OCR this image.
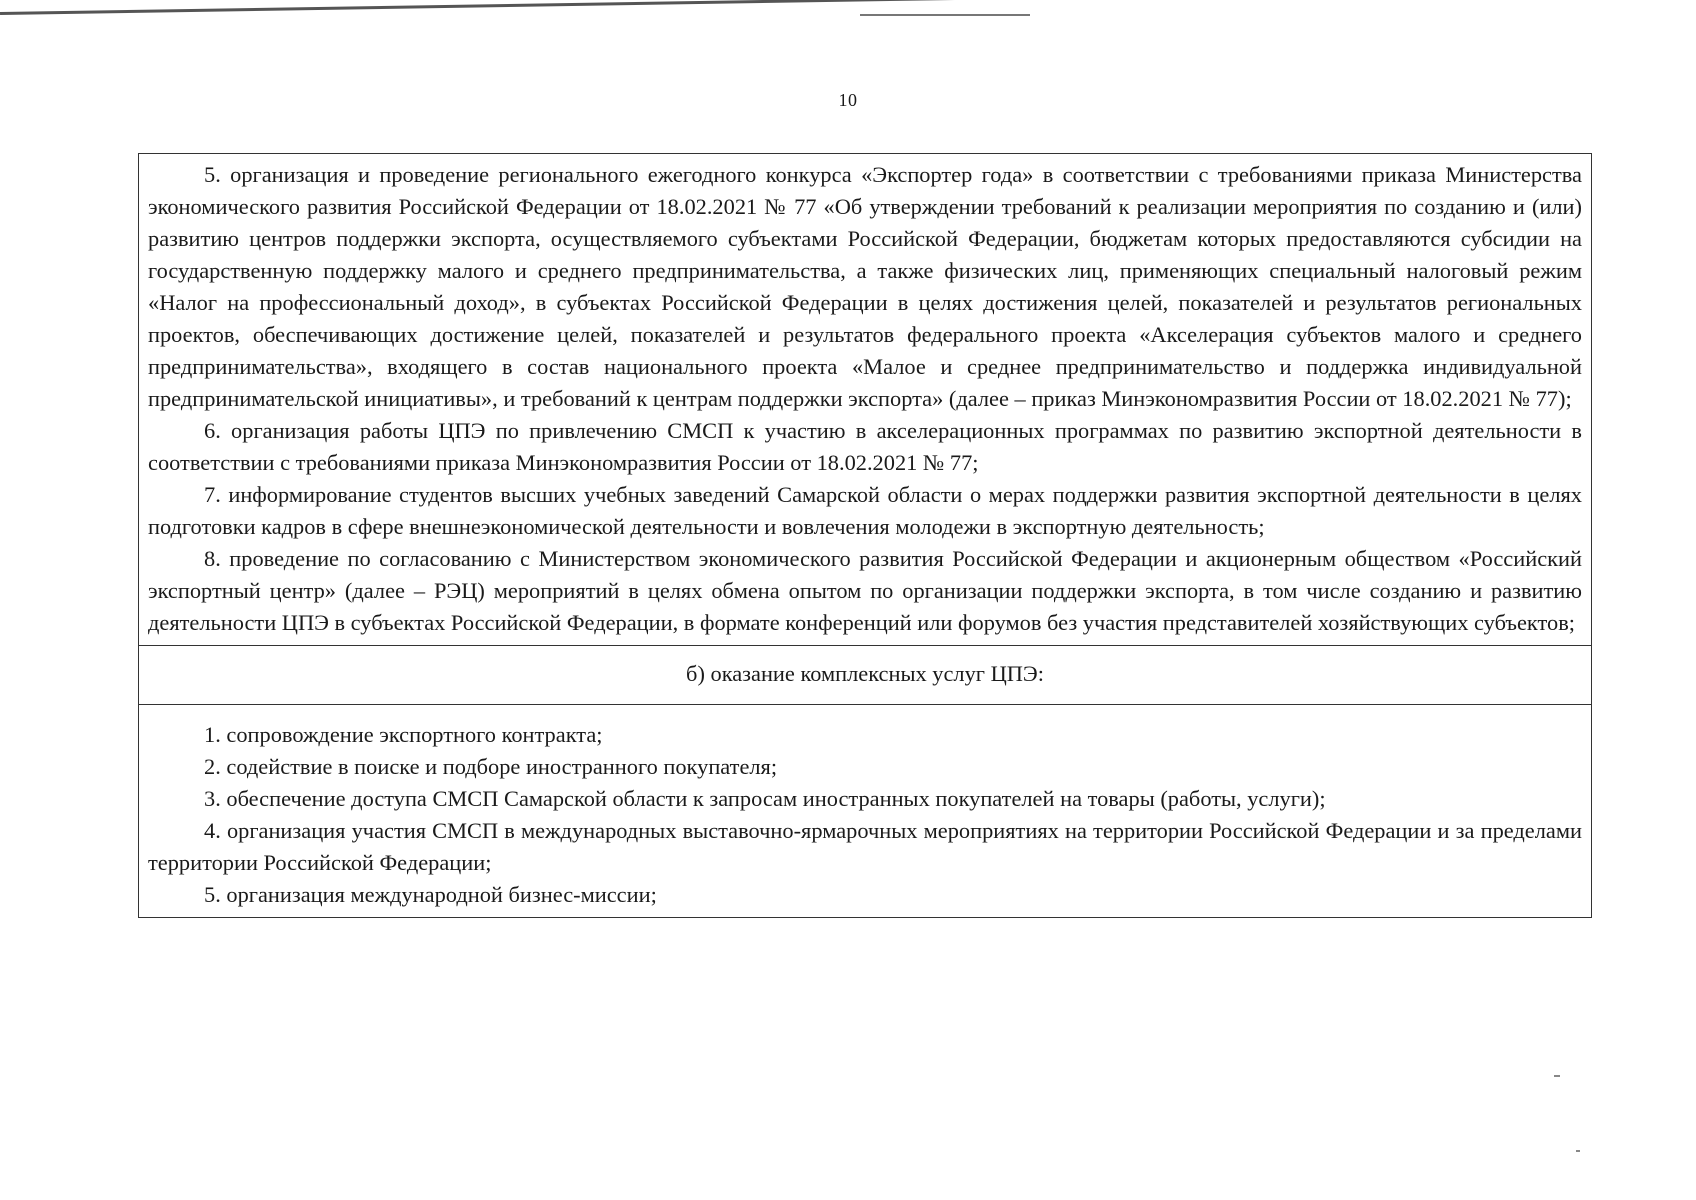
10

5. организация и проведение регионального ежегодного конкурса «Экспортер года» в соответствии с требованиями приказа Министерства экономического развития Российской Федерации от 18.02.2021 № 77 «Об утверждении требований к реализации мероприятия по созданию и (или) развитию центров поддержки экспорта, осуществляемого субъектами Российской Федерации, бюджетам которых предоставляются субсидии на государственную поддержку малого и среднего предпринимательства, а также физических лиц, применяющих специальный налоговый режим «Налог на профессиональный доход», в субъектах Российской Федерации в целях достижения целей, показателей и результатов региональных проектов, обеспечивающих достижение целей, показателей и результатов федерального проекта «Акселерация субъектов малого и среднего предпринимательства», входящего в состав национального проекта «Малое и среднее предпринимательство и поддержка индивидуальной предпринимательской инициативы», и требований к центрам поддержки экспорта» (далее – приказ Минэкономразвития России от 18.02.2021 № 77);

6. организация работы ЦПЭ по привлечению СМСП к участию в акселерационных программах по развитию экспортной деятельности в соответствии с требованиями приказа Минэкономразвития России от 18.02.2021 № 77;

7. информирование студентов высших учебных заведений Самарской области о мерах поддержки развития экспортной деятельности в целях подготовки кадров в сфере внешнеэкономической деятельности и вовлечения молодежи в экспортную деятельность;

8. проведение по согласованию с Министерством экономического развития Российской Федерации и акционерным обществом «Российский экспортный центр» (далее – РЭЦ) мероприятий в целях обмена опытом по организации поддержки экспорта, в том числе созданию и развитию деятельности ЦПЭ в субъектах Российской Федерации, в формате конференций или форумов без участия представителей хозяйствующих субъектов;

б) оказание комплексных услуг ЦПЭ:

1. сопровождение экспортного контракта;

2. содействие в поиске и подборе иностранного покупателя;

3. обеспечение доступа СМСП Самарской области к запросам иностранных покупателей на товары (работы, услуги);

4. организация участия СМСП в международных выставочно-ярмарочных мероприятиях на территории Российской Федерации и за пределами территории Российской Федерации;

5. организация международной бизнес-миссии;
